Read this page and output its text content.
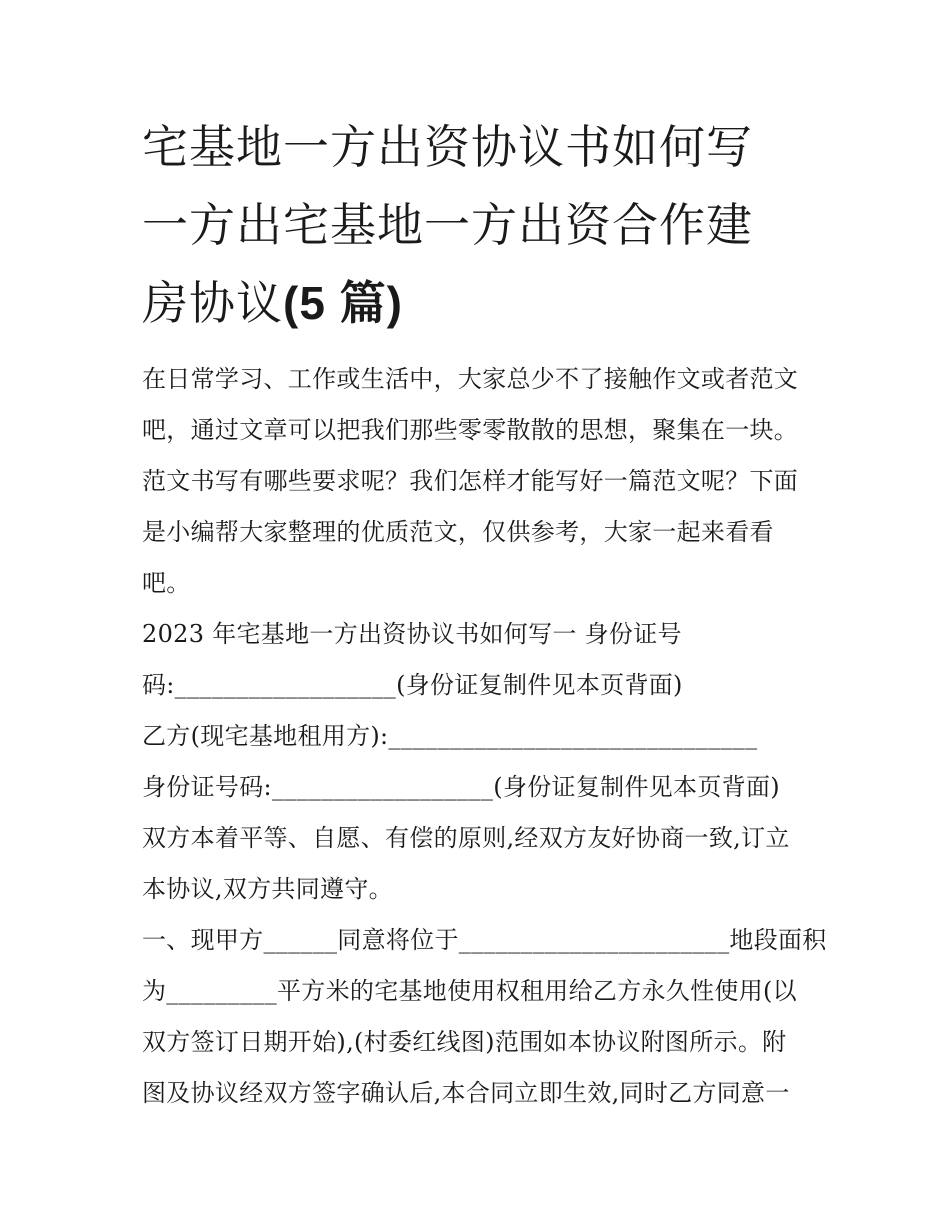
宅基地一方出资协议书如何写
一方出宅基地一方出资合作建
房协议(5 篇)
在日常学习、工作或生活中，大家总少不了接触作文或者范文
吧，通过文章可以把我们那些零零散散的思想，聚集在一块。
范文书写有哪些要求呢？我们怎样才能写好一篇范文呢？下面
是小编帮大家整理的优质范文，仅供参考，大家一起来看看
吧。
2023 年宅基地一方出资协议书如何写一 身份证号
码:__________________(身份证复制件见本页背面)
乙方(现宅基地租用方):______________________________
身份证号码:__________________(身份证复制件见本页背面)
双方本着平等、自愿、有偿的原则,经双方友好协商一致,订立
本协议,双方共同遵守。
一、现甲方______同意将位于______________________地段面积
为_________平方米的宅基地使用权租用给乙方永久性使用(以
双方签订日期开始),(村委红线图)范围如本协议附图所示。附
图及协议经双方签字确认后,本合同立即生效,同时乙方同意一
